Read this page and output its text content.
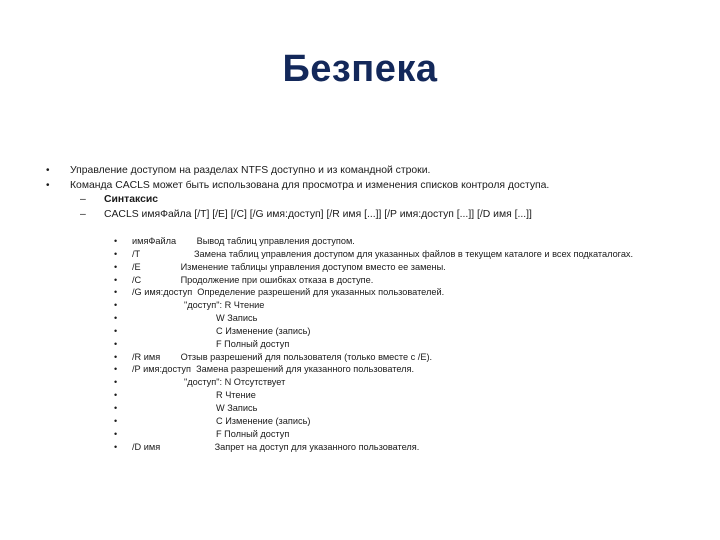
Безпека
• Управление доступом на разделах NTFS доступно и из командной строки.
• Команда CACLS может быть использована для просмотра и изменения списков контроля доступа.
– Синтаксис
– CACLS имяФайла [/T] [/E] [/C] [/G имя:доступ] [/R имя [...]] [/P имя:доступ [...]] [/D имя [...]]
• имяФайла Вывод таблиц управления доступом.
• /T	Замена таблиц управления доступом для указанных файлов в текущем каталоге и всех подкаталогах.
• /E	Изменение таблицы управления доступом вместо ее замены.
• /C	Продолжение при ошибках отказа в доступе.
• /G имя:доступ Определение разрешений для указанных пользователей.
•	"доступ": R Чтение
•	W Запись
•	C Изменение (запись)
•	F Полный доступ
• /R имя Отзыв разрешений для пользователя (только вместе с /E).
• /P имя:доступ Замена разрешений для указанного пользователя.
•	"доступ": N Отсутствует
•	R Чтение
•	W Запись
•	C Изменение (запись)
•	F Полный доступ
• /D имя	Запрет на доступ для указанного пользователя.
